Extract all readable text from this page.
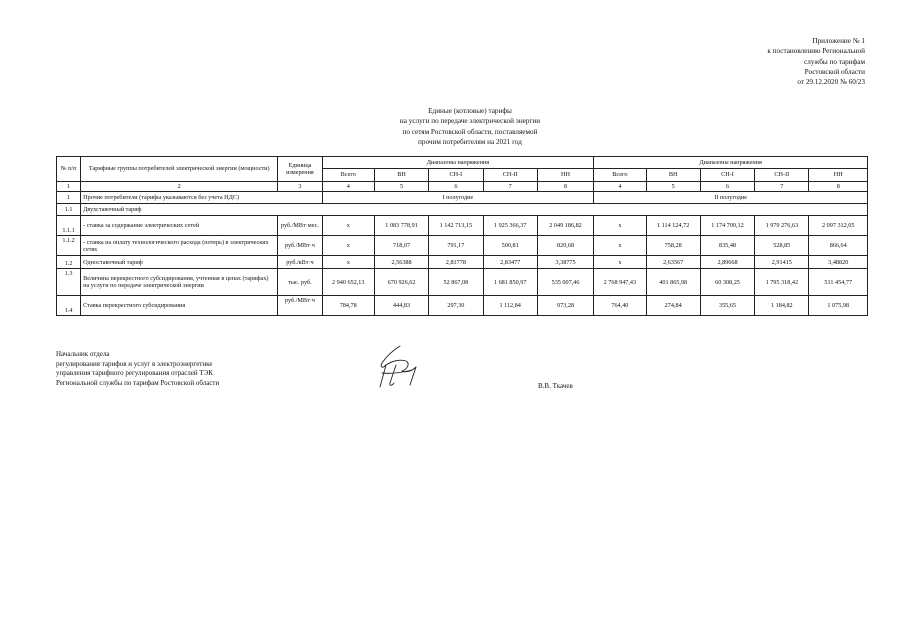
Приложение № 1
к постановлению Региональной
службы по тарифам
Ростовской области
от 29.12.2020 № 60/23
Единые (котловые) тарифы
на услуги по передаче электрической энергии
по сетям Ростовской области, поставляемой
прочим потребителям на 2021 год
№ п/п	Тарифные группы потребителей электрической энергии (мощности)	Единица измерения	Диапазоны напряжения					Диапазоны напряжения				
			Всего	ВН	СН-I	СН-II	НН	Всего	ВН	СН-I	СН-II	НН
1	2	3	4	5	6	7	8	4	5	6	7	8
1	Прочие потребители (тарифы указываются без учета НДС)		I полугодие					II полугодие				
1.1	Двухставочный тариф											
1.1.1	- ставка за содержание электрических сетей	руб./МВт·мес.	х	1 083 778,91	1 142 713,15	1 925 366,37	2 049 186,82	х	1 114 124,72	1 174 709,12	1 979 276,63	2 097 312,05
1.1.2	- ставка на оплату технологического расхода (потерь) в электрических сетях	руб./МВт·ч	х	718,07	791,17	500,81	820,68	х	758,28	835,48	528,85	866,64
1.2	Одноставочный тариф	руб./кВт·ч	х	2,56388	2,81778	2,83477	3,38775	х	2,63567	2,89668	2,91415	3,48820
1.3	Величина перекрестного субсидирования, учтенная в ценах (тарифах) на услуги по передаче электрической энергии	тыс. руб.	2 940 652,13	670 926,62	52 867,08	1 681 850,97	535 007,46	2 768 947,43	401 865,98	60 308,25	1 795 318,42	511 454,77
1.4	Ставка перекрестного субсидирования	руб./МВт·ч	784,78	444,83	297,30	1 112,84	973,28	764,40	274,84	355,65	1 184,82	1 075,98
Начальник отдела
регулирования тарифов и услуг в электроэнергетике
управления тарифного регулирования отраслей ТЭК
Региональной службы по тарифам Ростовской области	В.В. Ткачев
